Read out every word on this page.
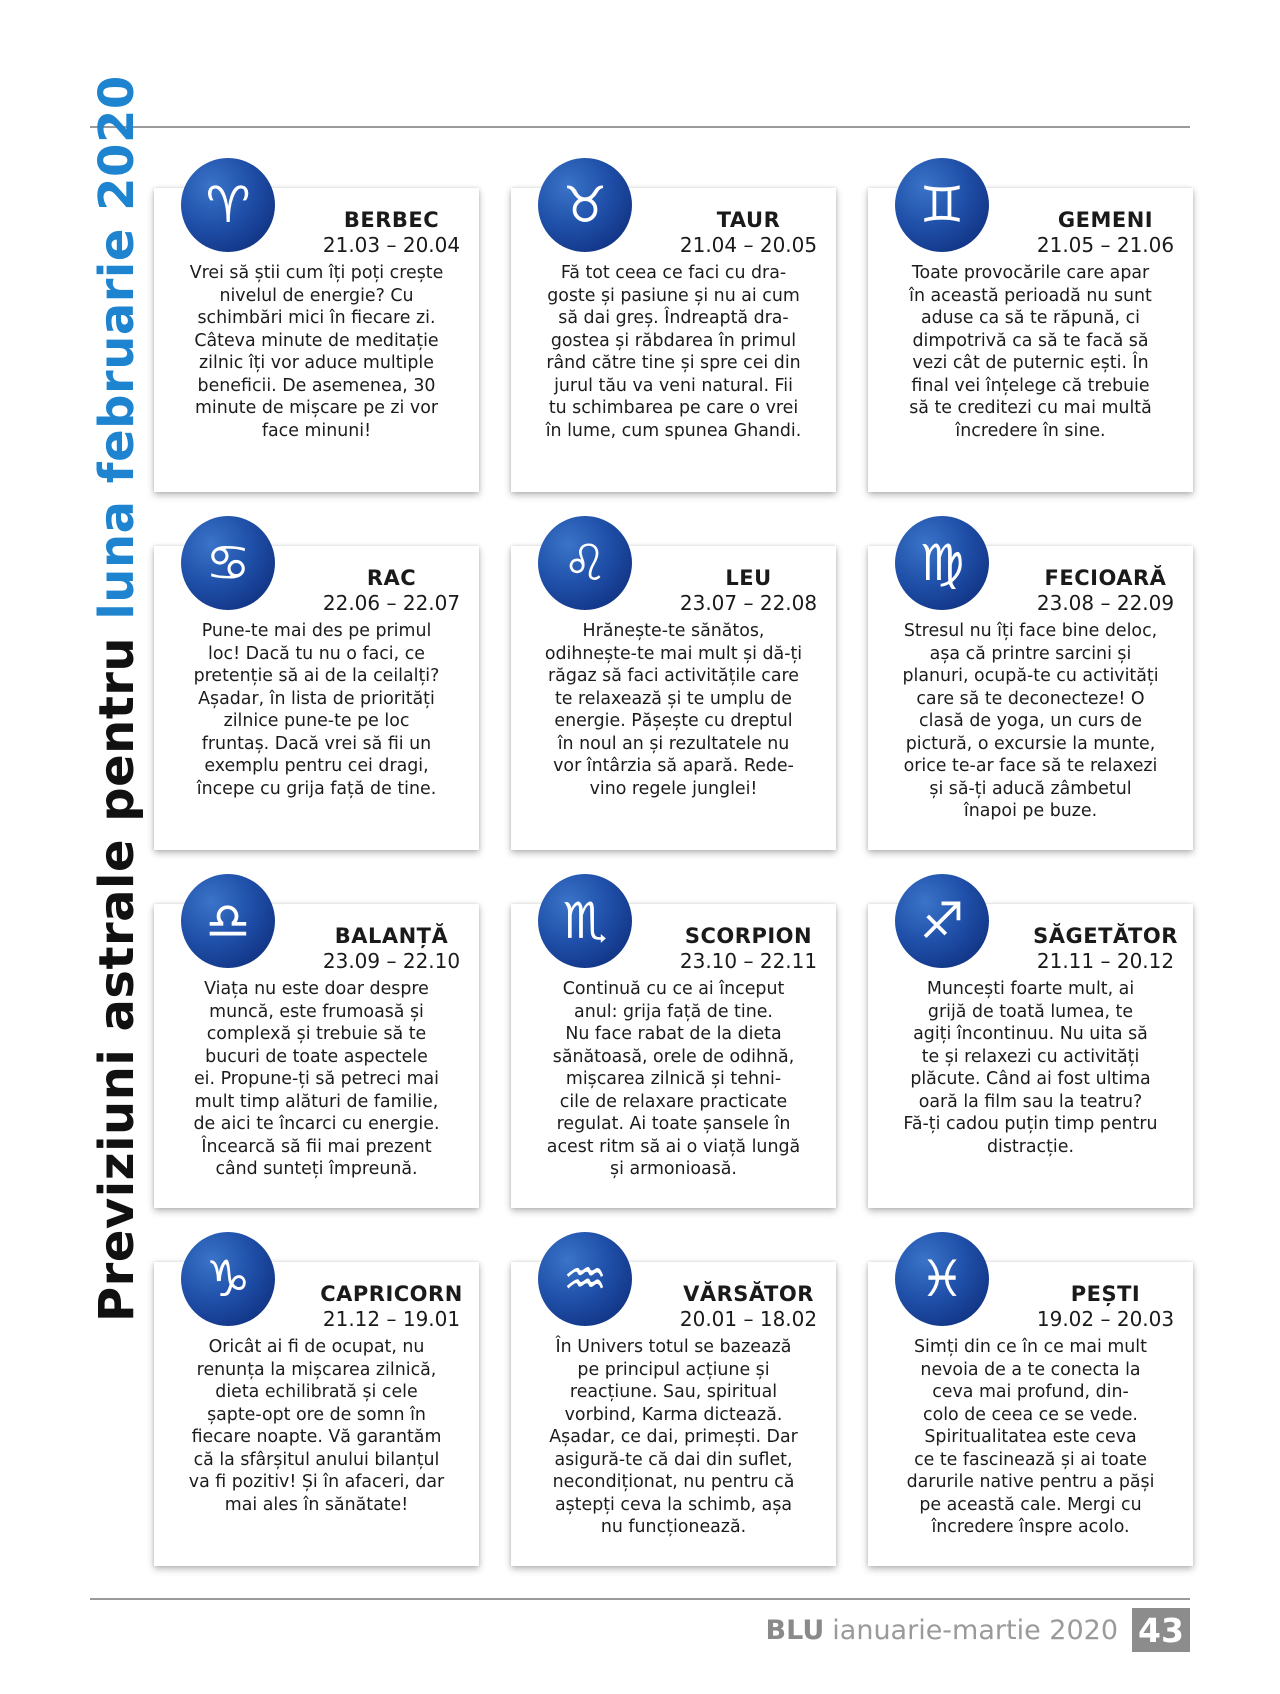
Previziuni astrale pentru luna februarie 2020 ♈	BERBEC
21.03 – 20.04
Vrei să știi cum îți poți crește
nivelul de energie? Cu
schimbări mici în fiecare zi.
Câteva minute de meditație
zilnic îți vor aduce multiple
beneficii. De asemenea, 30
minute de mișcare pe zi vor
face minuni!
♉	TAUR
21.04 – 20.05
Fă tot ceea ce faci cu dra-
goste și pasiune și nu ai cum
să dai greș. Îndreaptă dra-
gostea și răbdarea în primul
rând către tine și spre cei din
jurul tău va veni natural. Fii
tu schimbarea pe care o vrei
în lume, cum spunea Ghandi.
♊	GEMENI
21.05 – 21.06
Toate provocările care apar
în această perioadă nu sunt
aduse ca să te răpună, ci
dimpotrivă ca să te facă să
vezi cât de puternic ești. În
final vei înțelege că trebuie
să te creditezi cu mai multă
încredere în sine.
♋	RAC
22.06 – 22.07
Pune-te mai des pe primul
loc! Dacă tu nu o faci, ce
pretenție să ai de la ceilalți?
Așadar, în lista de priorități
zilnice pune-te pe loc
fruntaș. Dacă vrei să fii un
exemplu pentru cei dragi,
începe cu grija față de tine.
♌	LEU
23.07 – 22.08
Hrănește-te sănătos,
odihnește-te mai mult și dă-ți
răgaz să faci activitățile care
te relaxează și te umplu de
energie. Pășește cu dreptul
în noul an și rezultatele nu
vor întârzia să apară. Rede-
vino regele junglei!
♍	FECIOARĂ
23.08 – 22.09
Stresul nu îți face bine deloc,
așa că printre sarcini și
planuri, ocupă-te cu activități
care să te deconecteze! O
clasă de yoga, un curs de
pictură, o excursie la munte,
orice te-ar face să te relaxezi
și să-ți aducă zâmbetul
înapoi pe buze.
♎	BALANȚĂ
23.09 – 22.10
Viața nu este doar despre
muncă, este frumoasă și
complexă și trebuie să te
bucuri de toate aspectele
ei. Propune-ți să petreci mai
mult timp alături de familie,
de aici te încarci cu energie.
Încearcă să fii mai prezent
când sunteți împreună.
♏	SCORPION
23.10 – 22.11
Continuă cu ce ai început
anul: grija față de tine.
Nu face rabat de la dieta
sănătoasă, orele de odihnă,
mișcarea zilnică și tehni-
cile de relaxare practicate
regulat. Ai toate șansele în
acest ritm să ai o viață lungă
și armonioasă.
♐	SĂGETĂTOR
21.11 – 20.12
Muncești foarte mult, ai
grijă de toată lumea, te
agiți încontinuu. Nu uita să
te și relaxezi cu activități
plăcute. Când ai fost ultima
oară la film sau la teatru?
Fă-ți cadou puțin timp pentru
distracție.
♑	CAPRICORN
21.12 – 19.01
Oricât ai fi de ocupat, nu
renunța la mișcarea zilnică,
dieta echilibrată și cele
șapte-opt ore de somn în
fiecare noapte. Vă garantăm
că la sfârșitul anului bilanțul
va fi pozitiv! Și în afaceri, dar
mai ales în sănătate!
♒	VĂRSĂTOR
20.01 – 18.02
În Univers totul se bazează
pe principul acțiune și
reacțiune. Sau, spiritual
vorbind, Karma dictează.
Așadar, ce dai, primești. Dar
asigură-te că dai din suflet,
necondiționat, nu pentru că
aștepți ceva la schimb, așa
nu funcționează.
♓	PEȘTI
19.02 – 20.03
Simți din ce în ce mai mult
nevoia de a te conecta la
ceva mai profund, din-
colo de ceea ce se vede.
Spiritualitatea este ceva
ce te fascinează și ai toate
darurile native pentru a păși
pe această cale. Mergi cu
încredere înspre acolo.
BLU ianuarie-martie 2020 43
